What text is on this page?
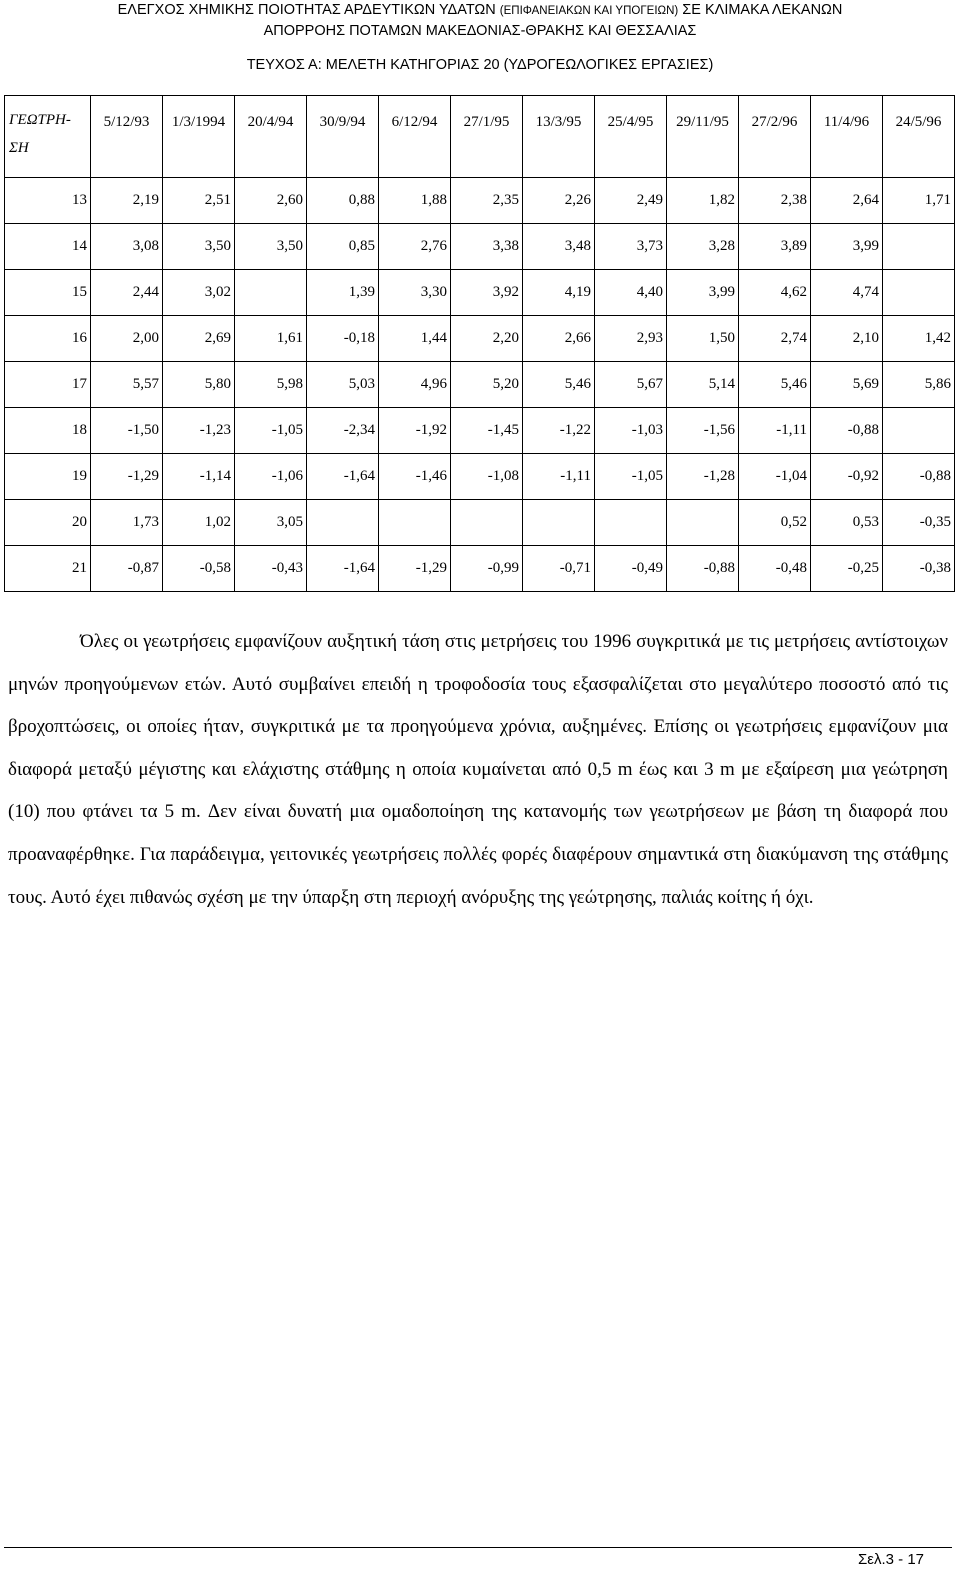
ΕΛΕΓΧΟΣ ΧΗΜΙΚΗΣ ΠΟΙΟΤΗΤΑΣ ΑΡΔΕΥΤΙΚΩΝ ΥΔΑΤΩΝ (ΕΠΙΦΑΝΕΙΑΚΩΝ ΚΑΙ ΥΠΟΓΕΙΩΝ) ΣΕ ΚΛΙΜΑΚΑ ΛΕΚΑΝΩΝ
ΑΠΟΡΡΟΗΣ ΠΟΤΑΜΩΝ ΜΑΚΕΔΟΝΙΑΣ-ΘΡΑΚΗΣ ΚΑΙ ΘΕΣΣΑΛΙΑΣ
ΤΕΥΧΟΣ Α: ΜΕΛΕΤΗ ΚΑΤΗΓΟΡΙΑΣ 20 (ΥΔΡΟΓΕΩΛΟΓΙΚΕΣ ΕΡΓΑΣΙΕΣ)
ΓΕΩΤΡΗ-
ΣΗ	5/12/93	1/3/1994	20/4/94	30/9/94	6/12/94	27/1/95	13/3/95	25/4/95	29/11/95	27/2/96	11/4/96	24/5/96
13	2,19	2,51	2,60	0,88	1,88	2,35	2,26	2,49	1,82	2,38	2,64	1,71
14	3,08	3,50	3,50	0,85	2,76	3,38	3,48	3,73	3,28	3,89	3,99	
15	2,44	3,02		1,39	3,30	3,92	4,19	4,40	3,99	4,62	4,74	
16	2,00	2,69	1,61	-0,18	1,44	2,20	2,66	2,93	1,50	2,74	2,10	1,42
17	5,57	5,80	5,98	5,03	4,96	5,20	5,46	5,67	5,14	5,46	5,69	5,86
18	-1,50	-1,23	-1,05	-2,34	-1,92	-1,45	-1,22	-1,03	-1,56	-1,11	-0,88	
19	-1,29	-1,14	-1,06	-1,64	-1,46	-1,08	-1,11	-1,05	-1,28	-1,04	-0,92	-0,88
20	1,73	1,02	3,05							0,52	0,53	-0,35
21	-0,87	-0,58	-0,43	-1,64	-1,29	-0,99	-0,71	-0,49	-0,88	-0,48	-0,25	-0,38

Όλες οι γεωτρήσεις εμφανίζουν αυξητική τάση στις μετρήσεις του 1996 συγκριτικά με τις μετρήσεις αντίστοιχων μηνών προηγούμενων ετών. Αυτό συμβαίνει επειδή η τροφοδοσία τους εξασφαλίζεται στο μεγαλύτερο ποσοστό από τις βροχοπτώσεις, οι οποίες ήταν, συγκριτικά με τα προηγούμενα χρόνια, αυξημένες. Επίσης οι γεωτρήσεις εμφανίζουν μια διαφορά μεταξύ μέγιστης και ελάχιστης στάθμης η οποία κυμαίνεται από 0,5 m έως και 3 m με εξαίρεση μια γεώτρηση (10) που φτάνει τα 5 m. Δεν είναι δυνατή μια ομαδοποίηση της κατανομής των γεωτρήσεων με βάση τη διαφορά που προαναφέρθηκε. Για παράδειγμα, γειτονικές γεωτρήσεις πολλές φορές διαφέρουν σημαντικά στη διακύμανση της στάθμης τους. Αυτό έχει πιθανώς σχέση με την ύπαρξη στη περιοχή ανόρυξης της γεώτρησης, παλιάς κοίτης ή όχι.

Σελ.3 - 17
